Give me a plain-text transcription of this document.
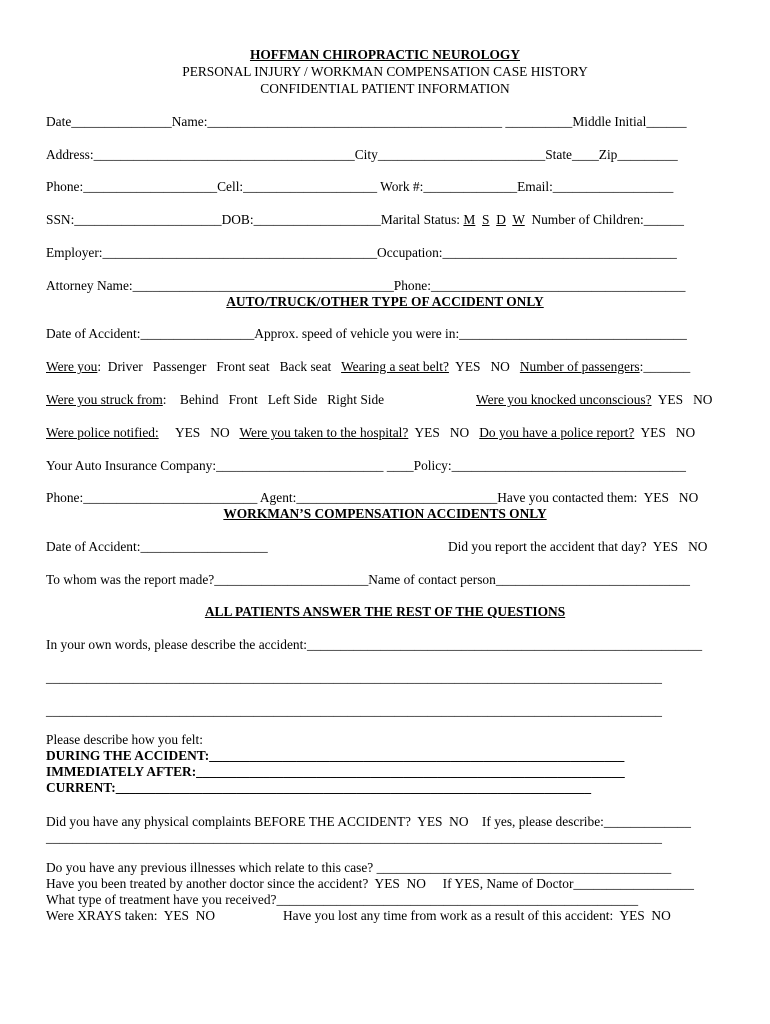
HOFFMAN CHIROPRACTIC NEUROLOGY
PERSONAL INJURY / WORKMAN COMPENSATION CASE HISTORY
CONFIDENTIAL PATIENT INFORMATION
Date_______________Name:____________________________________________ __________Middle Initial______
Address:_______________________________________City_________________________State____Zip_________
Phone:____________________Cell:____________________ Work #:______________Email:__________________
SSN:______________________DOB:___________________Marital Status: M S D W Number of Children:______
Employer:_________________________________________Occupation:___________________________________
Attorney Name:_______________________________________Phone:______________________________________
AUTO/TRUCK/OTHER TYPE OF ACCIDENT ONLY
Date of Accident:_________________Approx. speed of vehicle you were in:__________________________________
Were you:  Driver   Passenger   Front seat   Back seat Wearing a seat belt? YES   NO Number of passengers:_______
Were you struck from:    Behind   Front   Left Side   Right Side	Were you knocked unconscious? YES   NO
Were police notified: YES   NO Were you taken to the hospital? YES   NO Do you have a police report? YES   NO
Your Auto Insurance Company:_________________________ ____Policy:___________________________________
Phone:__________________________ Agent:______________________________Have you contacted them: YES   NO
WORKMAN’S COMPENSATION ACCIDENTS ONLY
Date of Accident:___________________	Did you report the accident that day? YES   NO
To whom was the report made?_______________________Name of contact person_____________________________
ALL PATIENTS ANSWER THE REST OF THE QUESTIONS
In your own words, please describe the accident:___________________________________________________________
____________________________________________________________________________________________
____________________________________________________________________________________________
Please describe how you felt:
DURING THE ACCIDENT:______________________________________________________________
IMMEDIATELY AFTER:________________________________________________________________
CURRENT:_______________________________________________________________________
Did you have any physical complaints BEFORE THE ACCIDENT? YES  NO If yes, please describe:_____________
____________________________________________________________________________________________
Do you have any previous illnesses which relate to this case? ____________________________________________
Have you been treated by another doctor since the accident? YES  NO If YES, Name of Doctor__________________
What type of treatment have you received?______________________________________________________
Were XRAYS taken: YES  NO	Have you lost any time from work as a result of this accident: YES  NO
